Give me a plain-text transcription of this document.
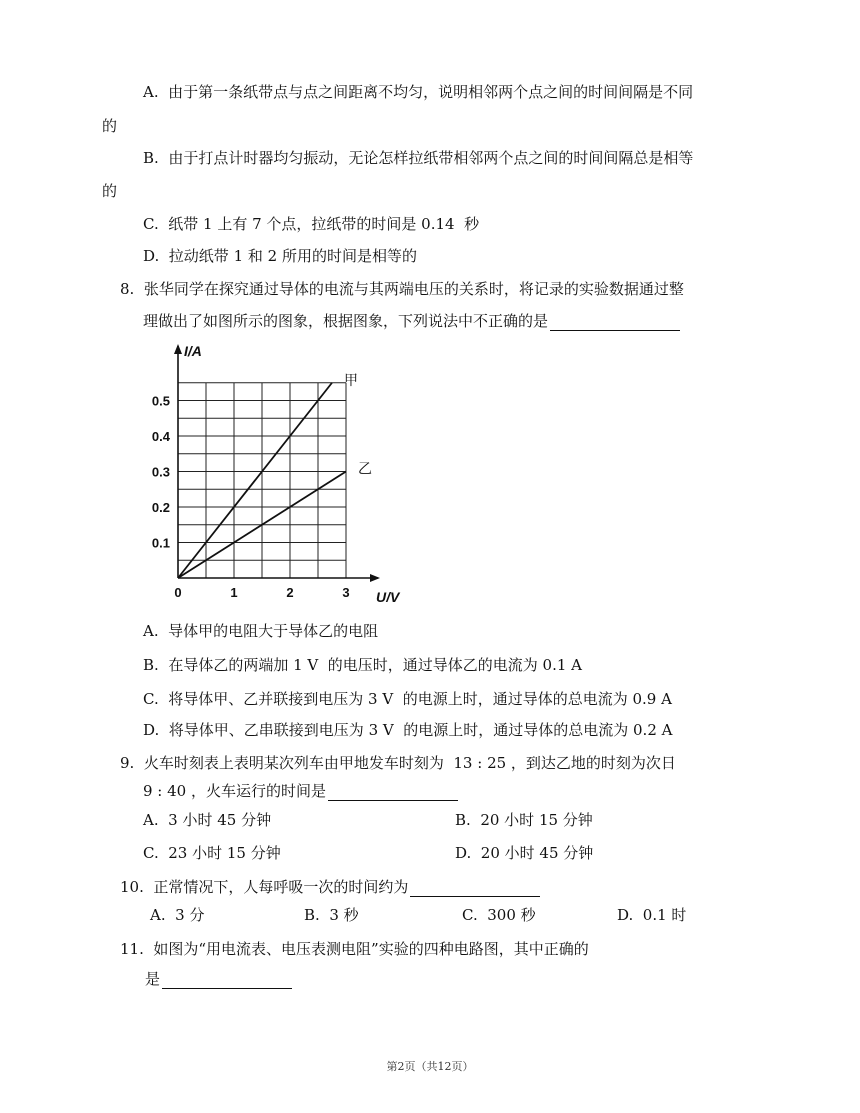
A.  由于第一条纸带点与点之间距离不均匀，说明相邻两个点之间的时间间隔是不同
的
B.  由于打点计时器均匀振动，无论怎样拉纸带相邻两个点之间的时间间隔总是相等
的
C.  纸带 1 上有 7 个点，拉纸带的时间是 0.14  秒
D.  拉动纸带 1 和 2 所用的时间是相等的
8.  张华同学在探究通过导体的电流与其两端电压的关系时，将记录的实验数据通过整
理做出了如图所示的图象，根据图象，下列说法中不正确的是
I/A
U/V
0	1	2	3
0.1
0.2
0.3
0.4
0.5
甲
乙
A.  导体甲的电阻大于导体乙的电阻
B.  在导体乙的两端加 1 V  的电压时，通过导体乙的电流为 0.1 A
C.  将导体甲、乙并联接到电压为 3 V  的电源上时，通过导体的总电流为 0.9 A
D.  将导体甲、乙串联接到电压为 3 V  的电源上时，通过导体的总电流为 0.2 A
9.  火车时刻表上表明某次列车由甲地发车时刻为  13 : 25 ，到达乙地的时刻为次日
9 : 40 ，火车运行的时间是
A.  3 小时 45 分钟	B.  20 小时 15 分钟
C.  23 小时 15 分钟	D.  20 小时 45 分钟
10.  正常情况下，人每呼吸一次的时间约为
A.  3 分	B.  3 秒	C.  300 秒	D.  0.1 时
11.  如图为“用电流表、电压表测电阻”实验的四种电路图，其中正确的
是
第2页（共12页）
